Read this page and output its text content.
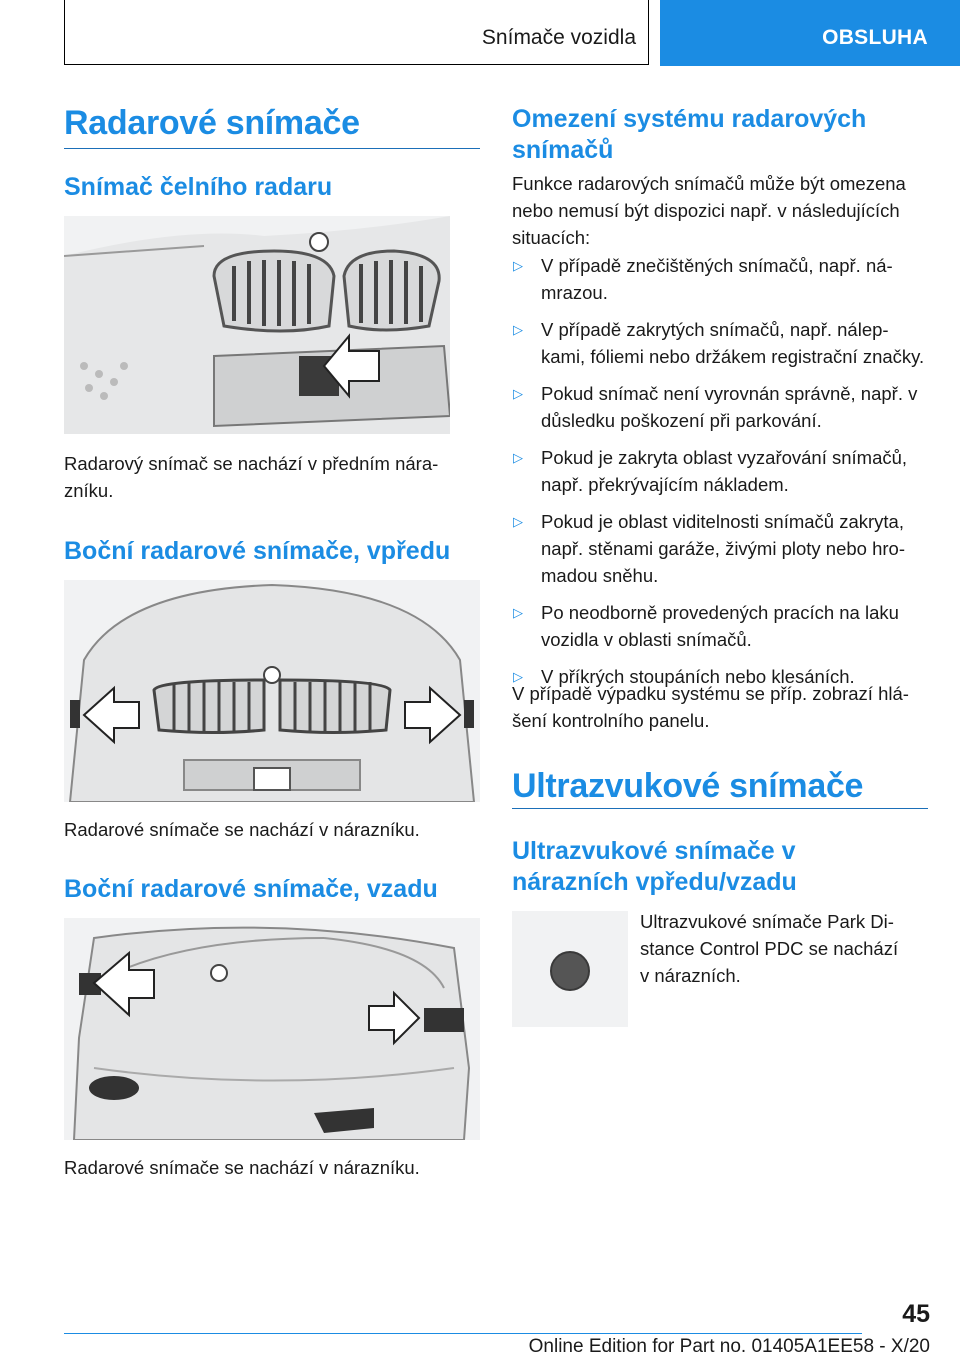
Snímače vozidla	OBSLUHA
Radarové snímače
Snímač čelního radaru

Radarový snímač se nachází v předním nára‐ zníku.

Boční radarové snímače, vpředu

Radarové snímače se nachází v nárazníku.

Boční radarové snímače, vzadu

Radarové snímače se nachází v nárazníku.

Omezení systému radarových snímačů

Funkce radarových snímačů může být omezena nebo nemusí být dispozici např. v následujících situacích:

▷ V případě znečištěných snímačů, např. ná‐ mrazou.
▷ V případě zakrytých snímačů, např. nálep‐ kami, fóliemi nebo držákem registrační značky.
▷ Pokud snímač není vyrovnán správně, např. v důsledku poškození při parkování.
▷ Pokud je zakryta oblast vyzařování snímačů, např. překrývajícím nákladem.
▷ Pokud je oblast viditelnosti snímačů zakryta, např. stěnami garáže, živými ploty nebo hro‐ madou sněhu.
▷ Po neodborně provedených pracích na laku vozidla v oblasti snímačů.
▷ V příkrých stoupáních nebo klesáních.

V případě výpadku systému se příp. zobrazí hlá‐ šení kontrolního panelu.

Ultrazvukové snímače
Ultrazvukové snímače v nárazních vpředu/vzadu

Ultrazvukové snímače Park Di‐ stance Control PDC se nachází v nárazních.

45
Online Edition for Part no. 01405A1EE58 - X/20
